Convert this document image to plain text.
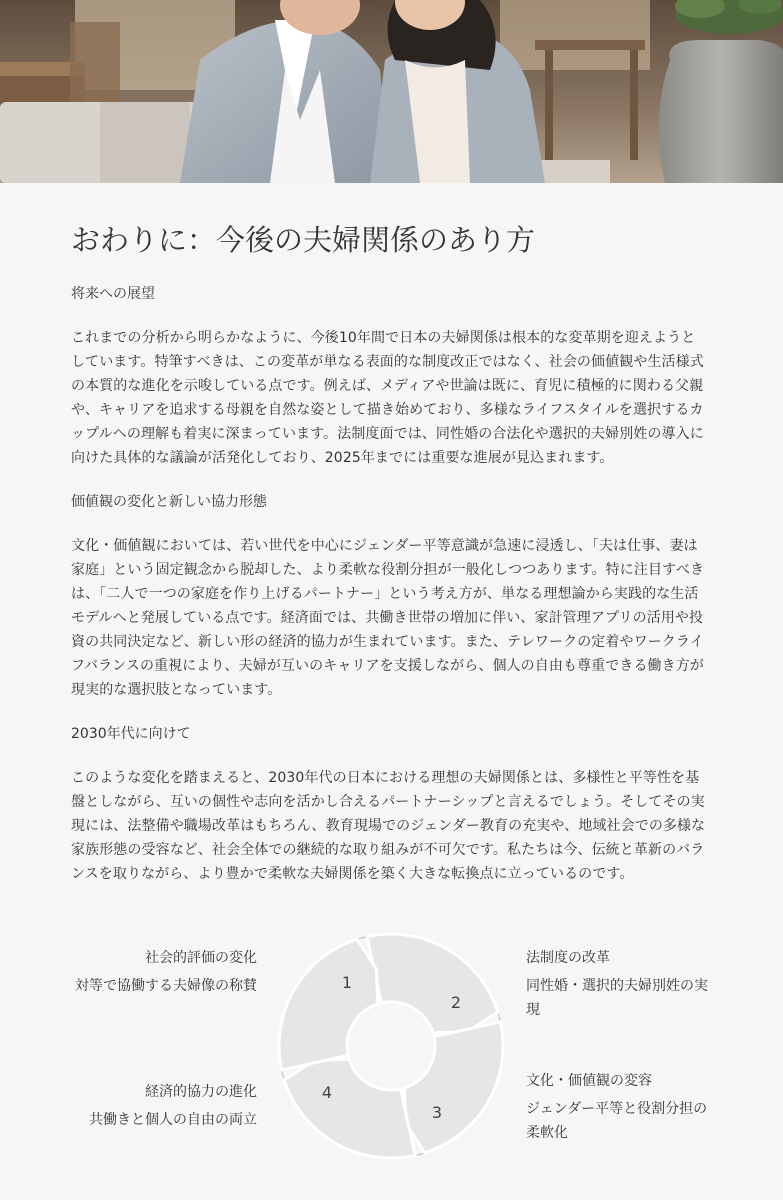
おわりに：今後の夫婦関係のあり方
将来への展望
これまでの分析から明らかなように、今後10年間で日本の夫婦関係は根本的な変革期を迎えようとしています。特筆すべきは、この変革が単なる表面的な制度改正ではなく、社会の価値観や生活様式の本質的な進化を示唆している点です。例えば、メディアや世論は既に、育児に積極的に関わる父親や、キャリアを追求する母親を自然な姿として描き始めており、多様なライフスタイルを選択するカップルへの理解も着実に深まっています。法制度面では、同性婚の合法化や選択的夫婦別姓の導入に向けた具体的な議論が活発化しており、2025年までには重要な進展が見込まれます。
価値観の変化と新しい協力形態
文化・価値観においては、若い世代を中心にジェンダー平等意識が急速に浸透し、「夫は仕事、妻は家庭」という固定観念から脱却した、より柔軟な役割分担が一般化しつつあります。特に注目すべきは、「二人で一つの家庭を作り上げるパートナー」という考え方が、単なる理想論から実践的な生活モデルへと発展している点です。経済面では、共働き世帯の増加に伴い、家計管理アプリの活用や投資の共同決定など、新しい形の経済的協力が生まれています。また、テレワークの定着やワークライフバランスの重視により、夫婦が互いのキャリアを支援しながら、個人の自由も尊重できる働き方が現実的な選択肢となっています。
2030年代に向けて
このような変化を踏まえると、2030年代の日本における理想の夫婦関係とは、多様性と平等性を基盤としながら、互いの個性や志向を活かし合えるパートナーシップと言えるでしょう。そしてその実現には、法整備や職場改革はもちろん、教育現場でのジェンダー教育の充実や、地域社会での多様な家族形態の受容など、社会全体での継続的な取り組みが不可欠です。私たちは今、伝統と革新のバランスを取りながら、より豊かで柔軟な夫婦関係を築く大きな転換点に立っているのです。
1
2
3
4
社会的評価の変化
対等で協働する夫婦像の称賛
法制度の改革
同性婚・選択的夫婦別姓の実現
文化・価値観の変容
ジェンダー平等と役割分担の柔軟化
経済的協力の進化
共働きと個人の自由の両立
